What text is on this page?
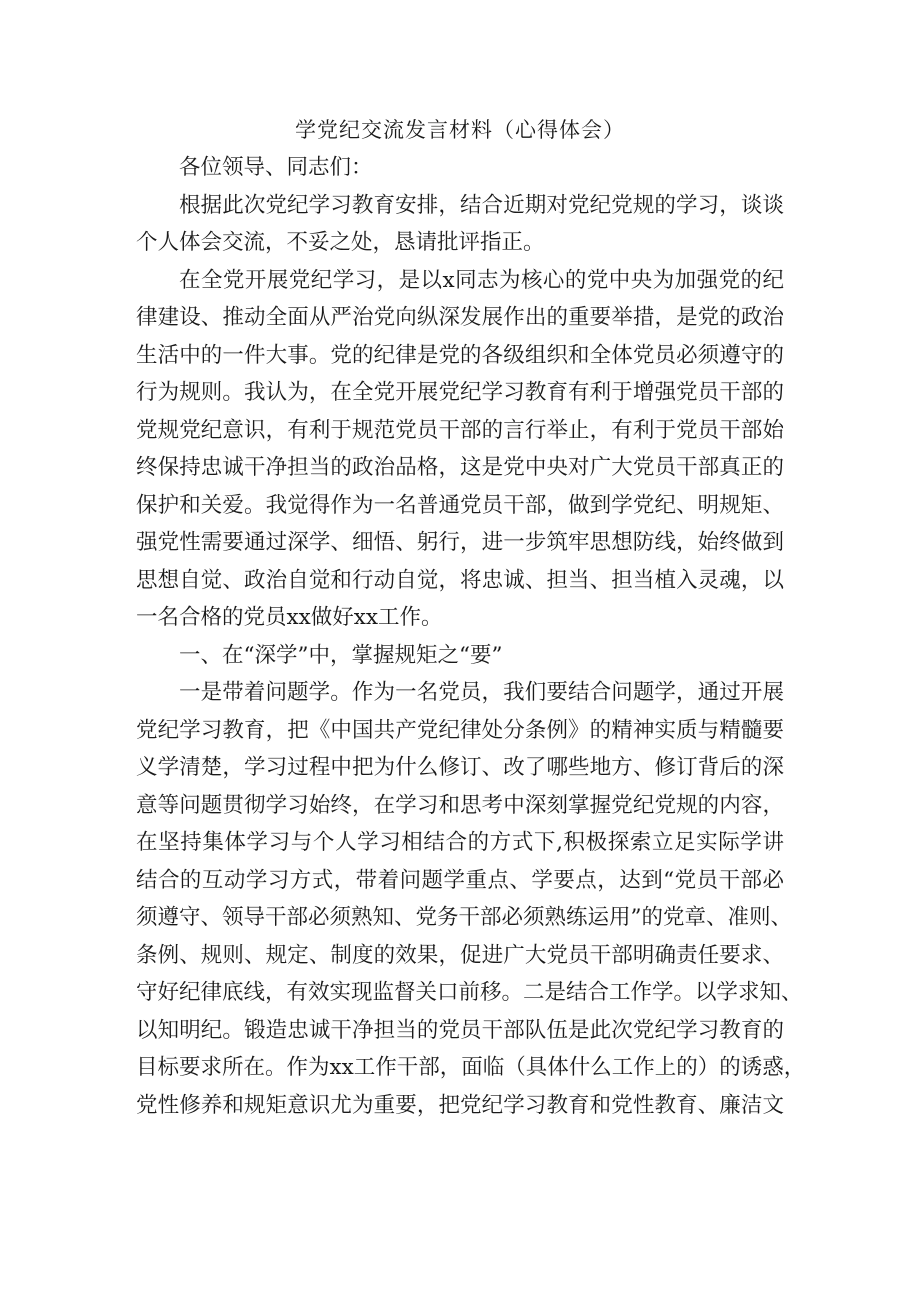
学党纪交流发言材料（心得体会）
各位领导、同志们：
根据此次党纪学习教育安排，结合近期对党纪党规的学习，谈谈
个人体会交流，不妥之处，恳请批评指正。
在全党开展党纪学习，是以x同志为核心的党中央为加强党的纪
律建设、推动全面从严治党向纵深发展作出的重要举措，是党的政治
生活中的一件大事。党的纪律是党的各级组织和全体党员必须遵守的
行为规则。我认为，在全党开展党纪学习教育有利于增强党员干部的
党规党纪意识，有利于规范党员干部的言行举止，有利于党员干部始
终保持忠诚干净担当的政治品格，这是党中央对广大党员干部真正的
保护和关爱。我觉得作为一名普通党员干部，做到学党纪、明规矩、
强党性需要通过深学、细悟、躬行，进一步筑牢思想防线，始终做到
思想自觉、政治自觉和行动自觉，将忠诚、担当、担当植入灵魂，以
一名合格的党员xx做好xx工作。
一、在“深学”中，掌握规矩之“要”
一是带着问题学。作为一名党员，我们要结合问题学，通过开展
党纪学习教育，把《中国共产党纪律处分条例》的精神实质与精髓要
义学清楚，学习过程中把为什么修订、改了哪些地方、修订背后的深
意等问题贯彻学习始终，在学习和思考中深刻掌握党纪党规的内容，
在坚持集体学习与个人学习相结合的方式下,积极探索立足实际学讲
结合的互动学习方式，带着问题学重点、学要点，达到“党员干部必
须遵守、领导干部必须熟知、党务干部必须熟练运用”的党章、准则、
条例、规则、规定、制度的效果，促进广大党员干部明确责任要求、
守好纪律底线，有效实现监督关口前移。二是结合工作学。以学求知、
以知明纪。锻造忠诚干净担当的党员干部队伍是此次党纪学习教育的
目标要求所在。作为xx工作干部，面临（具体什么工作上的）的诱惑，
党性修养和规矩意识尤为重要，把党纪学习教育和党性教育、廉洁文
